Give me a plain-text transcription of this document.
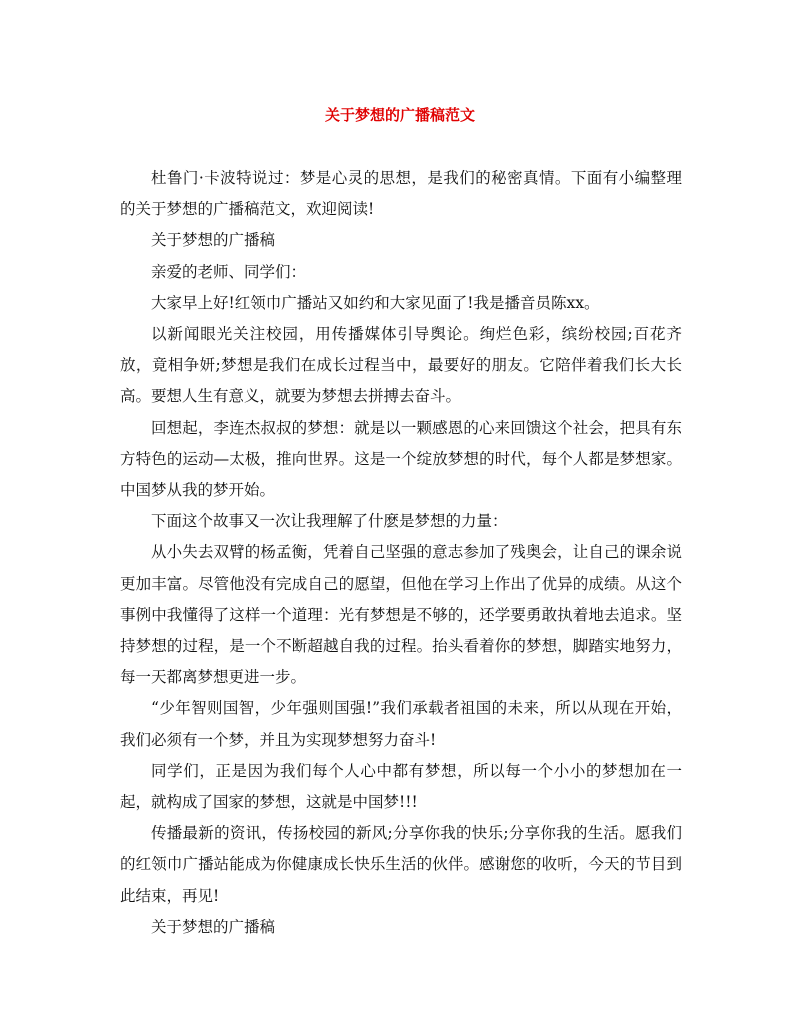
关于梦想的广播稿范文

杜鲁门·卡波特说过：梦是心灵的思想，是我们的秘密真情。下面有小编整理的关于梦想的广播稿范文，欢迎阅读!

关于梦想的广播稿

亲爱的老师、同学们：

大家早上好!红领巾广播站又如约和大家见面了!我是播音员陈xx。

以新闻眼光关注校园，用传播媒体引导舆论。绚烂色彩，缤纷校园;百花齐放，竟相争妍;梦想是我们在成长过程当中，最要好的朋友。它陪伴着我们长大长高。要想人生有意义，就要为梦想去拼搏去奋斗。

回想起，李连杰叔叔的梦想：就是以一颗感恩的心来回馈这个社会，把具有东方特色的运动—太极，推向世界。这是一个绽放梦想的时代，每个人都是梦想家。中国梦从我的梦开始。

下面这个故事又一次让我理解了什麽是梦想的力量：

从小失去双臂的杨孟衡，凭着自己坚强的意志参加了残奥会，让自己的课余说更加丰富。尽管他没有完成自己的愿望，但他在学习上作出了优异的成绩。从这个事例中我懂得了这样一个道理：光有梦想是不够的，还学要勇敢执着地去追求。坚持梦想的过程，是一个不断超越自我的过程。抬头看着你的梦想，脚踏实地努力，每一天都离梦想更进一步。

“少年智则国智，少年强则国强!”我们承载者祖国的未来，所以从现在开始，我们必须有一个梦，并且为实现梦想努力奋斗!

同学们，正是因为我们每个人心中都有梦想，所以每一个小小的梦想加在一起，就构成了国家的梦想，这就是中国梦!!!

传播最新的资讯，传扬校园的新风;分享你我的快乐;分享你我的生活。愿我们的红领巾广播站能成为你健康成长快乐生活的伙伴。感谢您的收听，今天的节目到此结束，再见!

关于梦想的广播稿
